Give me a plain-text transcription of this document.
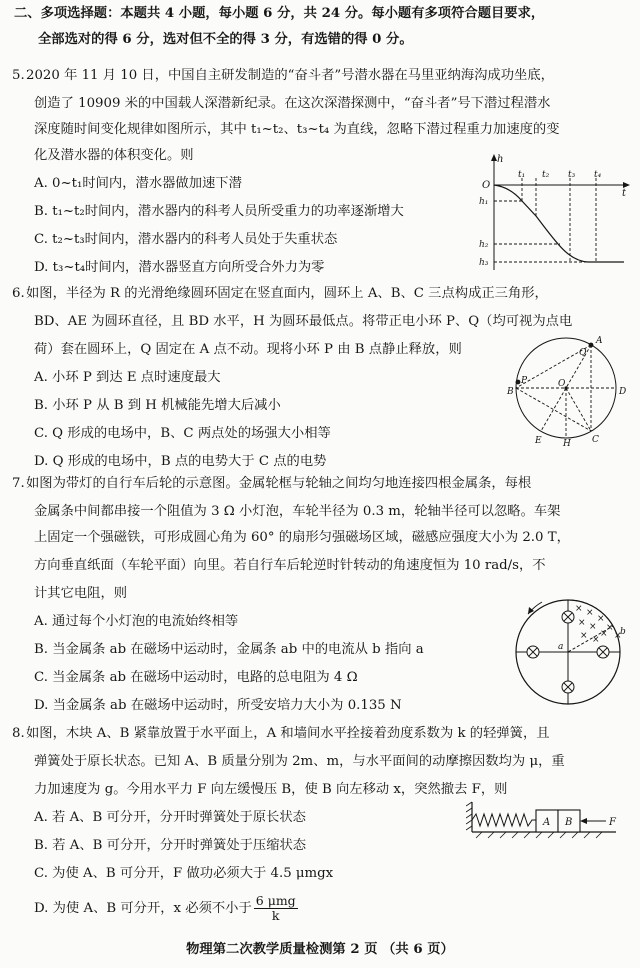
二、多项选择题：本题共 4 小题，每小题 6 分，共 24 分。每小题有多项符合题目要求，
全部选对的得 6 分，选对但不全的得 3 分，有选错的得 0 分。
5.2020 年 11 月 10 日，中国自主研发制造的“奋斗者”号潜水器在马里亚纳海沟成功坐底，
创造了 10909 米的中国载人深潜新纪录。在这次深潜探测中，“奋斗者”号下潜过程潜水
深度随时间变化规律如图所示，其中 t₁~t₂、t₃~t₄ 为直线，忽略下潜过程重力加速度的变
化及潜水器的体积变化。则
A. 0~t₁时间内，潜水器做加速下潜
B. t₁~t₂时间内，潜水器内的科考人员所受重力的功率逐渐增大
C. t₂~t₃时间内，潜水器内的科考人员处于失重状态
D. t₃~t₄时间内，潜水器竖直方向所受合外力为零
h
t
O
t₁ t₂ t₃ t₄
h₁
h₂
h₃
6.如图，半径为 R 的光滑绝缘圆环固定在竖直面内，圆环上 A、B、C 三点构成正三角形，
BD、AE 为圆环直径，且 BD 水平，H 为圆环最低点。将带正电小环 P、Q（均可视为点电
荷）套在圆环上，Q 固定在 A 点不动。现将小环 P 由 B 点静止释放，则
A. 小环 P 到达 E 点时速度最大
B. 小环 P 从 B 到 H 机械能先增大后减小
C. Q 形成的电场中，B、C 两点处的场强大小相等
D. Q 形成的电场中，B 点的电势大于 C 点的电势
A
Q
P
B
O
D
E H C
7.如图为带灯的自行车后轮的示意图。金属轮框与轮轴之间均匀地连接四根金属条，每根
金属条中间都串接一个阻值为 3 Ω 小灯泡，车轮半径为 0.3 m，轮轴半径可以忽略。车架
上固定一个强磁铁，可形成圆心角为 60° 的扇形匀强磁场区域，磁感应强度大小为 2.0 T，
方向垂直纸面（车轮平面）向里。若自行车后轮逆时针转动的角速度恒为 10 rad/s，不
计其它电阻，则
A. 通过每个小灯泡的电流始终相等
B. 当金属条 ab 在磁场中运动时，金属条 ab 中的电流从 b 指向 a
C. 当金属条 ab 在磁场中运动时，电路的总电阻为 4 Ω
D. 当金属条 ab 在磁场中运动时，所受安培力大小为 0.135 N
× ×
×
×
× ×
×
× × ×
a
b
8.如图，木块 A、B 紧靠放置于水平面上，A 和墙间水平拴接着劲度系数为 k 的轻弹簧，且
弹簧处于原长状态。已知 A、B 质量分别为 2m、m，与水平面间的动摩擦因数均为 μ，重
力加速度为 g。今用水平力 F 向左缓慢压 B，使 B 向左移动 x，突然撤去 F，则
A. 若 A、B 可分开，分开时弹簧处于原长状态
B. 若 A、B 可分开，分开时弹簧处于压缩状态
C. 为使 A、B 可分开，F 做功必须大于 4.5 μmgx
D. 为使 A、B 可分开，x 必须不小于 $\frac{\text{6 μmg}}{k}$
A B	F
物理第二次教学质量检测第 2 页 （共 6 页）
